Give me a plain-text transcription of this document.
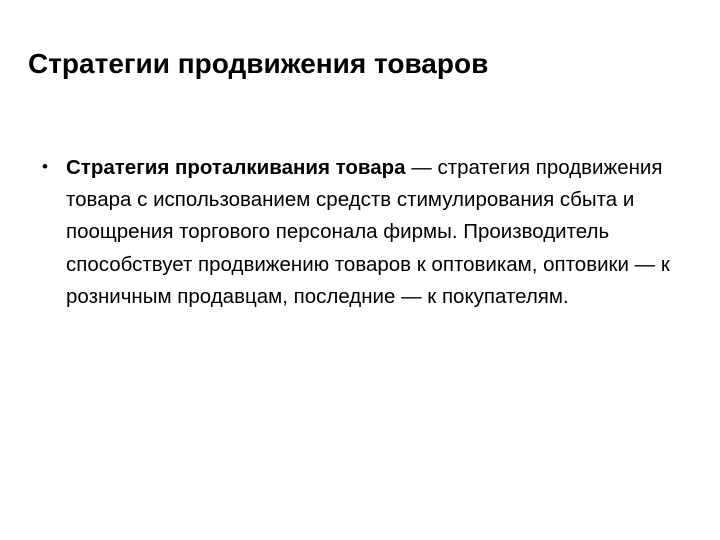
Стратегии продвижения товаров
• Стратегия проталкивания товара — стратегия продвижения товара с использованием средств стимулирования сбыта и поощрения торгового персонала фирмы. Производитель способствует продвижению товаров к оптовикам, оптовики — к розничным продавцам, последние — к покупателям.
